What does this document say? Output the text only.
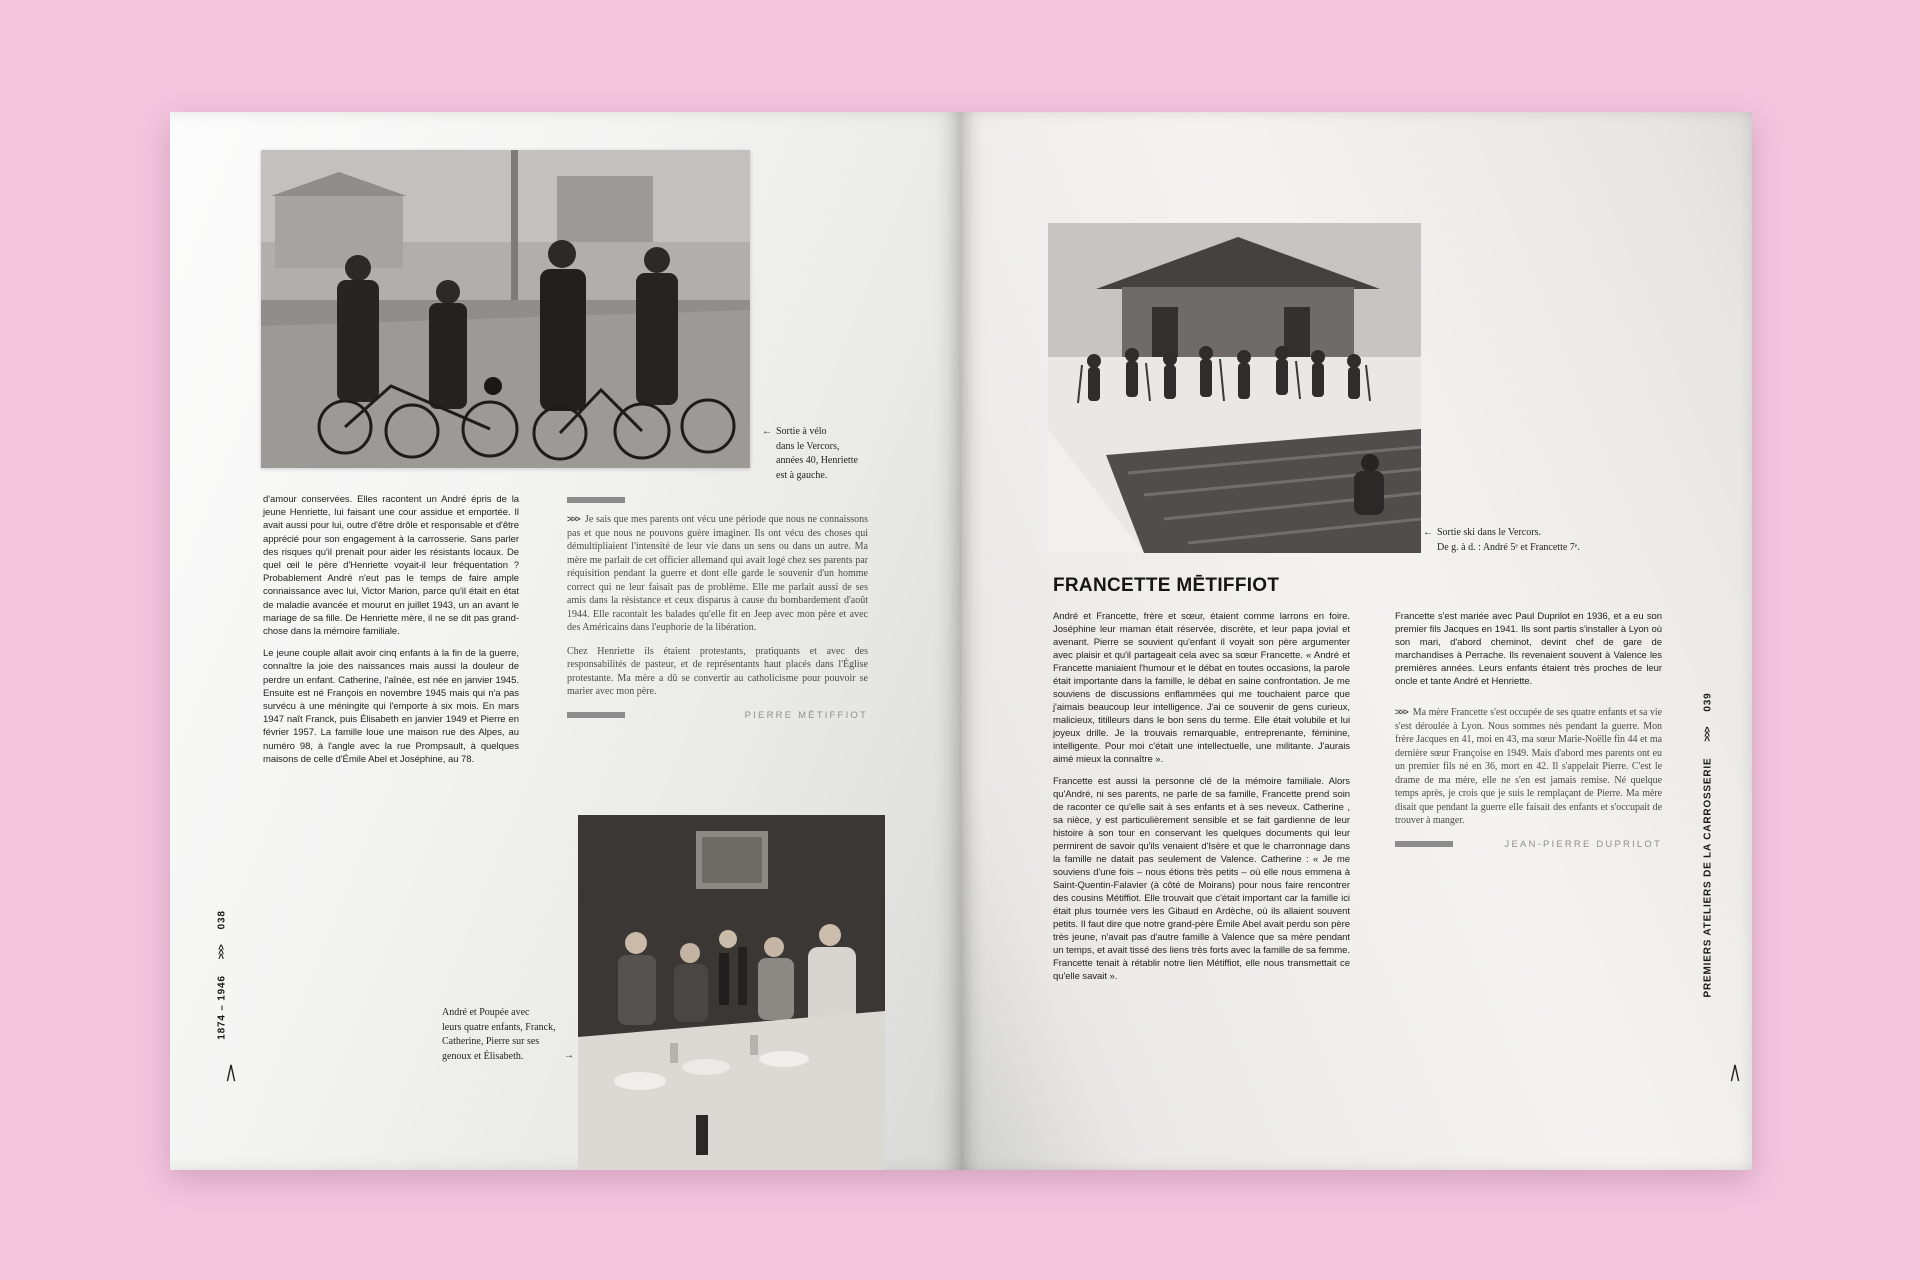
← Sortie à vélo
dans le Vercors,
années 40, Henriette
est à gauche.

d'amour conservées. Elles racontent un André épris de la jeune Henriette, lui faisant une cour assidue et emportée. Il avait aussi pour lui, outre d'être drôle et responsable et d'être apprécié pour son engagement à la carrosserie. Sans parler des risques qu'il prenait pour aider les résistants locaux. De quel œil le père d'Henriette voyait-il leur fréquentation ? Probablement André n'eut pas le temps de faire ample connaissance avec lui, Victor Marion, parce qu'il était en état de maladie avancée et mourut en juillet 1943, un an avant le mariage de sa fille. De Henriette mère, il ne se dit pas grand-chose dans la mémoire familiale.

Le jeune couple allait avoir cinq enfants à la fin de la guerre, connaître la joie des naissances mais aussi la douleur de perdre un enfant. Catherine, l'aînée, est née en janvier 1945. Ensuite est né François en novembre 1945 mais qui n'a pas survécu à une méningite qui l'emporte à six mois. En mars 1947 naît Franck, puis Élisabeth en janvier 1949 et Pierre en février 1957. La famille loue une maison rue des Alpes, au numéro 98, à l'angle avec la rue Prompsault, à quelques maisons de celle d'Émile Abel et Joséphine, au 78.

>>> Je sais que mes parents ont vécu une période que nous ne connaissons pas et que nous ne pouvons guère imaginer. Ils ont vécu des choses qui démultipliaient l'intensité de leur vie dans un sens ou dans un autre. Ma mère me parlait de cet officier allemand qui avait logé chez ses parents par réquisition pendant la guerre et dont elle garde le souvenir d'un homme correct qui ne leur faisait pas de problème. Elle me parlait aussi de ses amis dans la résistance et ceux disparus à cause du bombardement d'août 1944. Elle racontait les balades qu'elle fit en Jeep avec mon père et avec des Américains dans l'euphorie de la libération.

Chez Henriette ils étaient protestants, pratiquants et avec des responsabilités de pasteur, et de représentants haut placés dans l'Église protestante. Ma mère a dû se convertir au catholicisme pour pouvoir se marier avec mon père.

PIERRE MĒTIFFIOT
André et Poupée avec
leurs quatre enfants, Franck,
Catherine, Pierre sur ses
genoux et Élisabeth.	→
1874 – 1946
>>>
038
← Sortie ski dans le Vercors.
De g. à d. : André 5ᵉ et Francette 7ᵉ.
FRANCETTE MĒTIFFIOT

André et Francette, frère et sœur, étaient comme larrons en foire. Joséphine leur maman était réservée, discrète, et leur papa jovial et avenant. Pierre se souvient qu'enfant il voyait son père argumenter avec plaisir et qu'il partageait cela avec sa sœur Francette. « André et Francette maniaient l'humour et le débat en toutes occasions, la parole était importante dans la famille, le débat en saine confrontation. Je me souviens de discussions enflammées qui me touchaient parce que j'aimais beaucoup leur intelligence. J'ai ce souvenir de gens curieux, malicieux, titilleurs dans le bon sens du terme. Elle était volubile et lui joyeux drille. Je la trouvais remarquable, entreprenante, féminine, intelligente. Pour moi c'était une intellectuelle, une militante. J'aurais aimé mieux la connaître ».

Francette est aussi la personne clé de la mémoire familiale. Alors qu'André, ni ses parents, ne parle de sa famille, Francette prend soin de raconter ce qu'elle sait à ses enfants et à ses neveux. Catherine , sa nièce, y est particulièrement sensible et se fait gardienne de leur histoire à son tour en conservant les quelques documents qui leur permirent de savoir qu'ils venaient d'Isère et que le charronnage dans la famille ne datait pas seulement de Valence. Catherine : « Je me souviens d'une fois – nous étions très petits – où elle nous emmena à Saint-Quentin-Falavier (à côté de Moirans) pour nous faire rencontrer des cousins Métiffiot. Elle trouvait que c'était important car la famille ici était plus tournée vers les Gibaud en Ardèche, où ils allaient souvent petits. Il faut dire que notre grand-père Émile Abel avait perdu son père très jeune, n'avait pas d'autre famille à Valence que sa mère pendant un temps, et avait tissé des liens très forts avec la famille de sa femme. Francette tenait à rétablir notre lien Métiffiot, elle nous transmettait ce qu'elle savait ».

Francette s'est mariée avec Paul Duprilot en 1936, et a eu son premier fils Jacques en 1941. Ils sont partis s'installer à Lyon où son mari, d'abord cheminot, devint chef de gare de marchandises à Perrache. Ils revenaient souvent à Valence les premières années. Leurs enfants étaient très proches de leur oncle et tante André et Henriette.

>>> Ma mère Francette s'est occupée de ses quatre enfants et sa vie s'est déroulée à Lyon. Nous sommes nés pendant la guerre. Mon frère Jacques en 41, moi en 43, ma sœur Marie-Noëlle fin 44 et ma dernière sœur Françoise en 1949. Mais d'abord mes parents ont eu un premier fils né en 36, mort en 42. Il s'appelait Pierre. C'est le drame de ma mère, elle ne s'en est jamais remise. Né quelque temps après, je crois que je suis le remplaçant de Pierre. Ma mère disait que pendant la guerre elle faisait des enfants et s'occupait de trouver à manger.

JEAN-PIERRE DUPRILOT	PREMIERS ATELIERS DE LA CARROSSERIE
>>>
039
